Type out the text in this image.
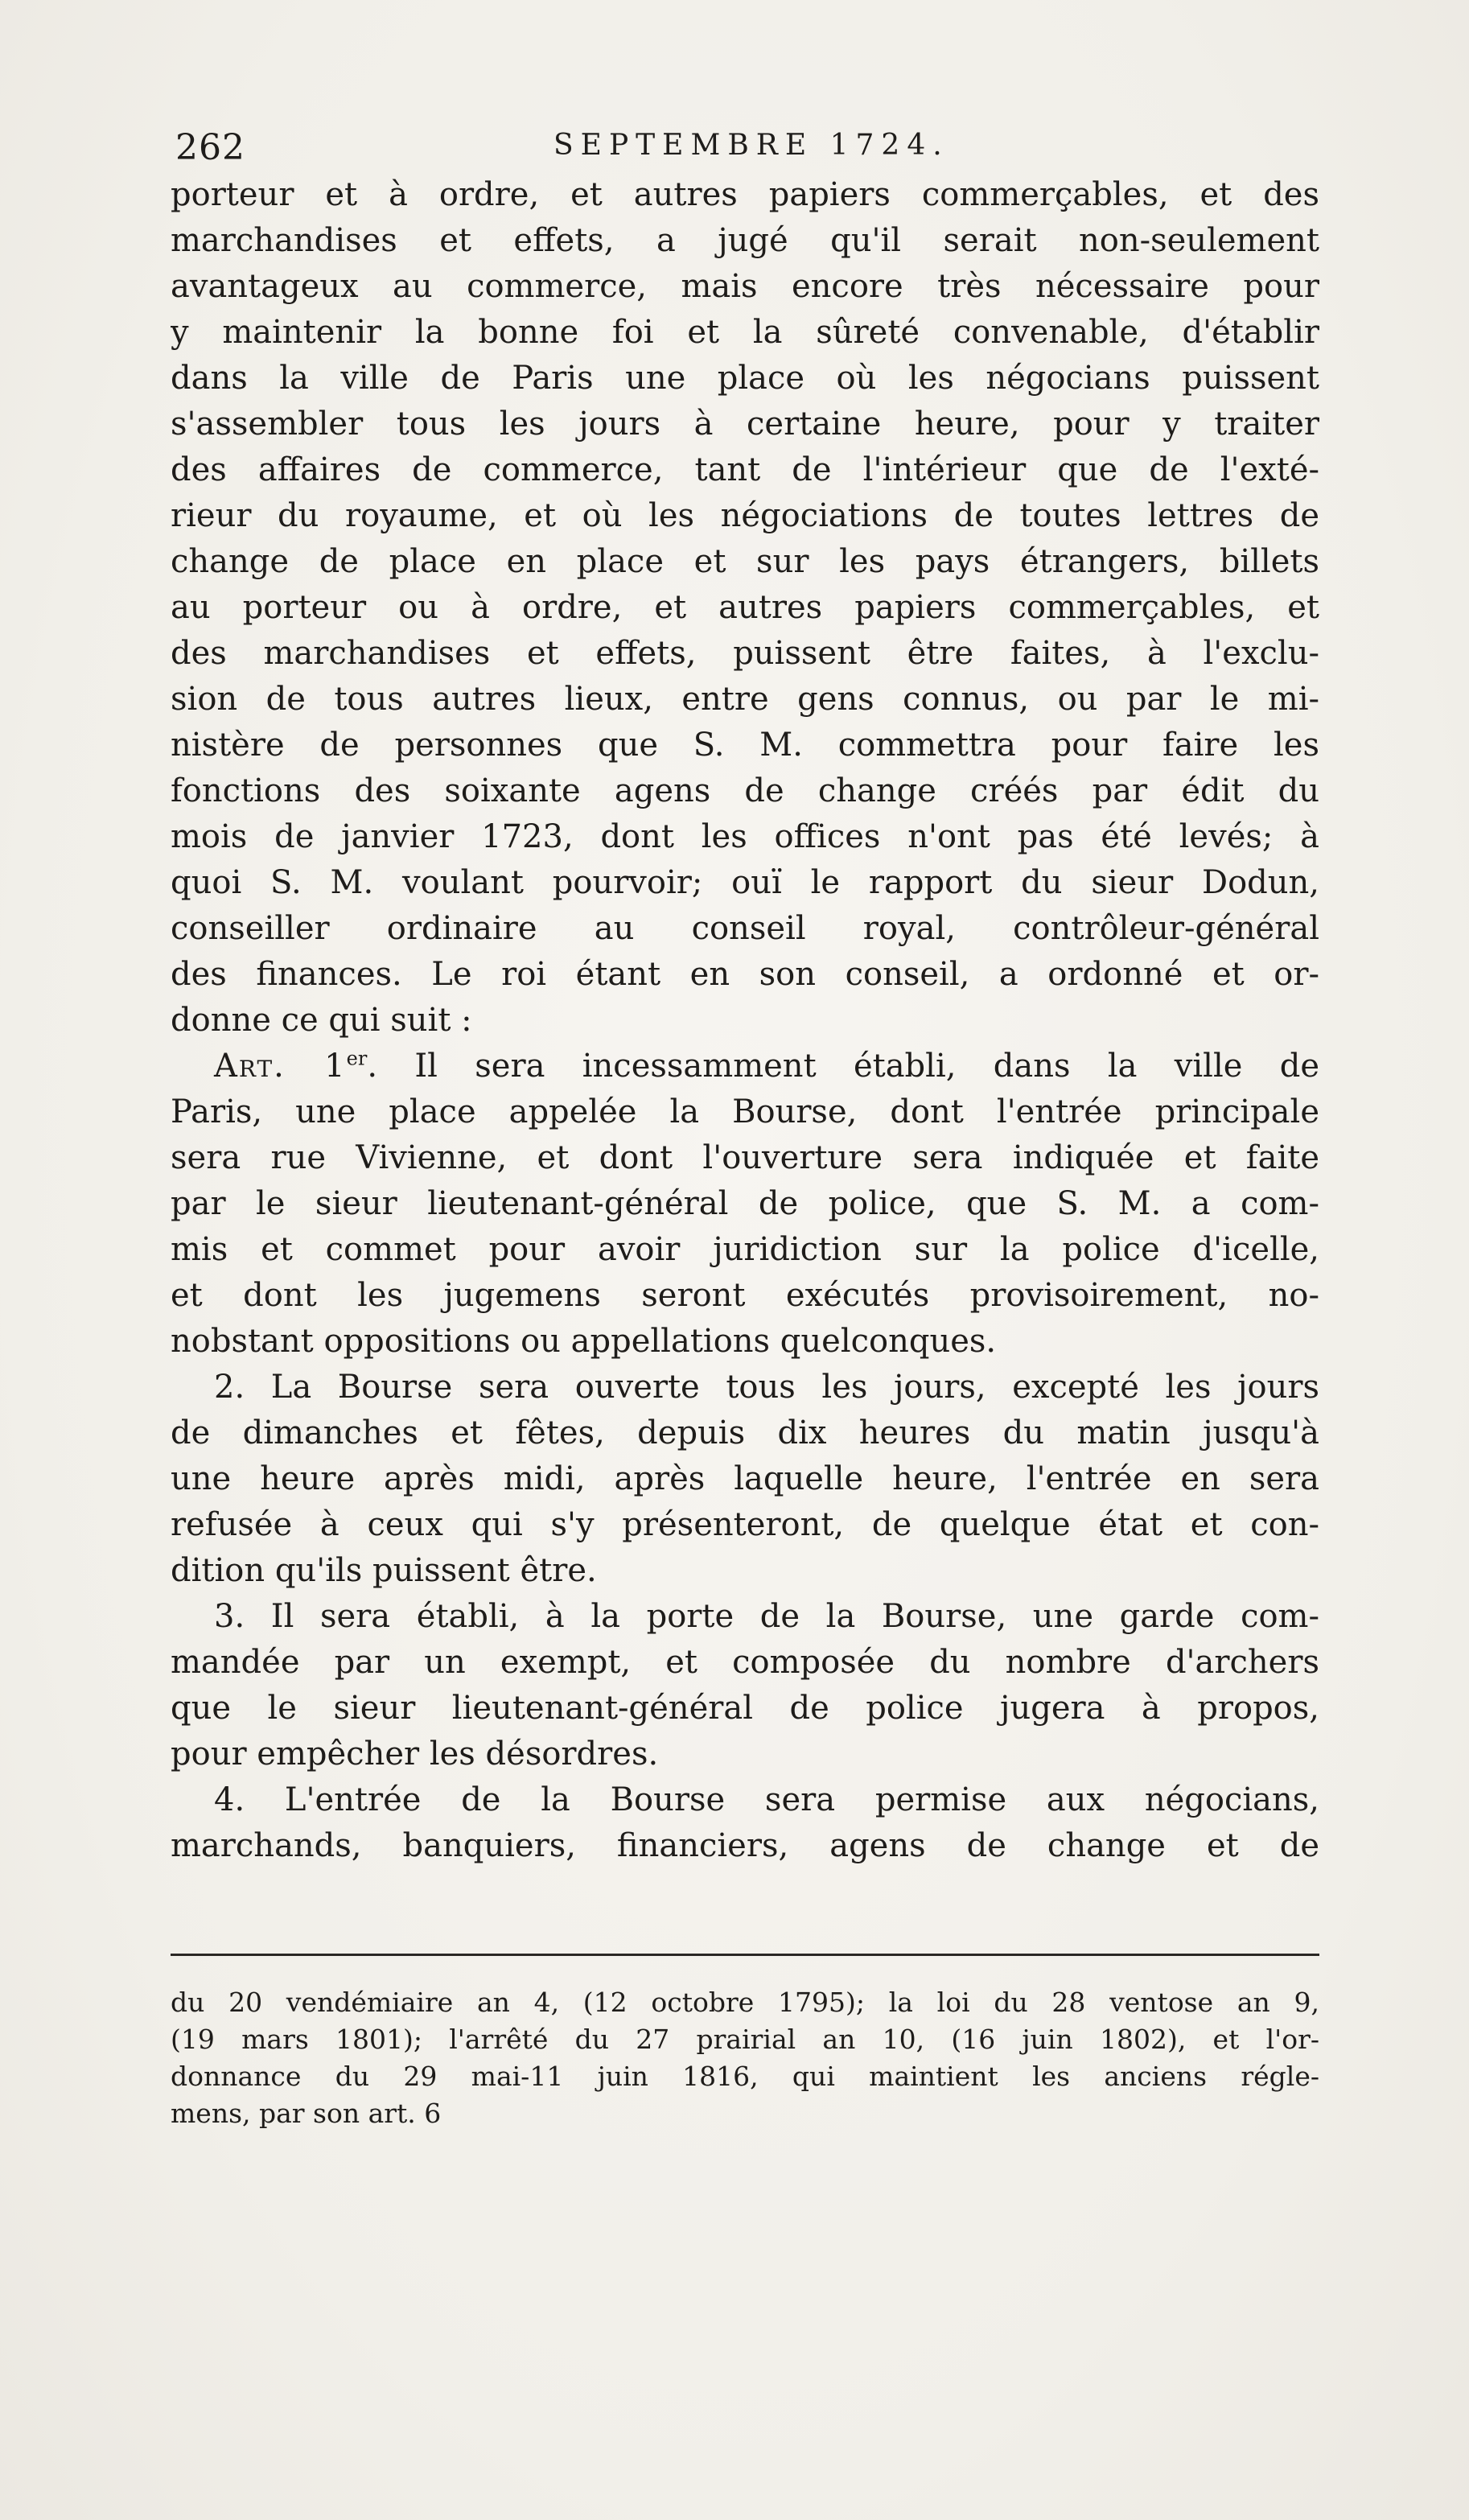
262	SEPTEMBRE 1724.

porteur et à ordre, et autres papiers commerçables, et des
marchandises et effets, a jugé qu'il serait non-seulement
avantageux au commerce, mais encore très nécessaire pour
y maintenir la bonne foi et la sûreté convenable, d'établir
dans la ville de Paris une place où les négocians puissent
s'assembler tous les jours à certaine heure, pour y traiter
des affaires de commerce, tant de l'intérieur que de l'exté-
rieur du royaume, et où les négociations de toutes lettres de
change de place en place et sur les pays étrangers, billets
au porteur ou à ordre, et autres papiers commerçables, et
des marchandises et effets, puissent être faites, à l'exclu-
sion de tous autres lieux, entre gens connus, ou par le mi-
nistère de personnes que S. M. commettra pour faire les
fonctions des soixante agens de change créés par édit du
mois de janvier 1723, dont les offices n'ont pas été levés; à
quoi S. M. voulant pourvoir; ouï le rapport du sieur Dodun,
conseiller ordinaire au conseil royal, contrôleur-général
des finances. Le roi étant en son conseil, a ordonné et or-
donne ce qui suit :

Art. 1er. Il sera incessamment établi, dans la ville de
Paris, une place appelée la Bourse, dont l'entrée principale
sera rue Vivienne, et dont l'ouverture sera indiquée et faite
par le sieur lieutenant-général de police, que S. M. a com-
mis et commet pour avoir juridiction sur la police d'icelle,
et dont les jugemens seront exécutés provisoirement, no-
nobstant oppositions ou appellations quelconques.

2. La Bourse sera ouverte tous les jours, excepté les jours
de dimanches et fêtes, depuis dix heures du matin jusqu'à
une heure après midi, après laquelle heure, l'entrée en sera
refusée à ceux qui s'y présenteront, de quelque état et con-
dition qu'ils puissent être.

3. Il sera établi, à la porte de la Bourse, une garde com-
mandée par un exempt, et composée du nombre d'archers
que le sieur lieutenant-général de police jugera à propos,
pour empêcher les désordres.

4. L'entrée de la Bourse sera permise aux négocians,
marchands, banquiers, financiers, agens de change et de

du 20 vendémiaire an 4, (12 octobre 1795); la loi du 28 ventose an 9,
(19 mars 1801); l'arrêté du 27 prairial an 10, (16 juin 1802), et l'or-
donnance du 29 mai-11 juin 1816, qui maintient les anciens régle-
mens, par son art. 6
